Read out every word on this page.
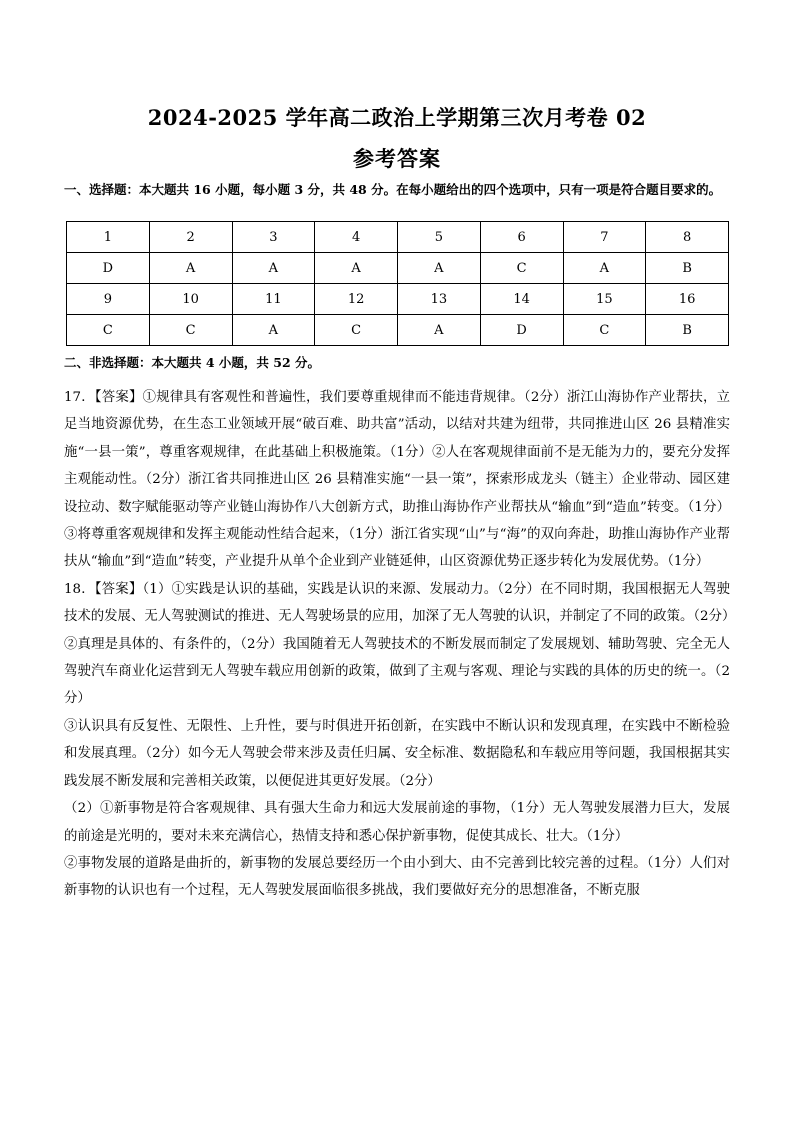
2024-2025 学年高二政治上学期第三次月考卷 02
参考答案
一、选择题：本大题共 16 小题，每小题 3 分，共 48 分。在每小题给出的四个选项中，只有一项是符合题目要求的。
1	2	3	4	5	6	7	8
D	A	A	A	A	C	A	B
9	10	11	12	13	14	15	16
C	C	A	C	A	D	C	B
二、非选择题：本大题共 4 小题，共 52 分。

17．【答案】①规律具有客观性和普遍性，我们要尊重规律而不能违背规律。（2分）浙江山海协作产业帮扶，立足当地资源优势，在生态工业领域开展“破百难、助共富”活动，以结对共建为纽带，共同推进山区 26 县精准实施“一县一策”，尊重客观规律，在此基础上积极施策。（1分）②人在客观规律面前不是无能为力的，要充分发挥主观能动性。（2分）浙江省共同推进山区 26 县精准实施“一县一策”，探索形成龙头（链主）企业带动、园区建设拉动、数字赋能驱动等产业链山海协作八大创新方式，助推山海协作产业帮扶从“输血”到“造血”转变。（1分）③将尊重客观规律和发挥主观能动性结合起来，（1分）浙江省实现“山”与“海”的双向奔赴，助推山海协作产业帮扶从“输血”到“造血”转变，产业提升从单个企业到产业链延伸，山区资源优势正逐步转化为发展优势。（1分）

18．【答案】（1）①实践是认识的基础，实践是认识的来源、发展动力。（2分）在不同时期，我国根据无人驾驶技术的发展、无人驾驶测试的推进、无人驾驶场景的应用，加深了无人驾驶的认识，并制定了不同的政策。（2分）

②真理是具体的、有条件的，（2分）我国随着无人驾驶技术的不断发展而制定了发展规划、辅助驾驶、完全无人驾驶汽车商业化运营到无人驾驶车载应用创新的政策，做到了主观与客观、理论与实践的具体的历史的统一。（2分）

③认识具有反复性、无限性、上升性，要与时俱进开拓创新，在实践中不断认识和发现真理，在实践中不断检验和发展真理。（2分）如今无人驾驶会带来涉及责任归属、安全标准、数据隐私和车载应用等问题，我国根据其实践发展不断发展和完善相关政策，以便促进其更好发展。（2分）

（2）①新事物是符合客观规律、具有强大生命力和远大发展前途的事物，（1分）无人驾驶发展潜力巨大，发展的前途是光明的，要对未来充满信心，热情支持和悉心保护新事物，促使其成长、壮大。（1分）

②事物发展的道路是曲折的，新事物的发展总要经历一个由小到大、由不完善到比较完善的过程。（1分）人们对新事物的认识也有一个过程，无人驾驶发展面临很多挑战，我们要做好充分的思想准备，不断克服
